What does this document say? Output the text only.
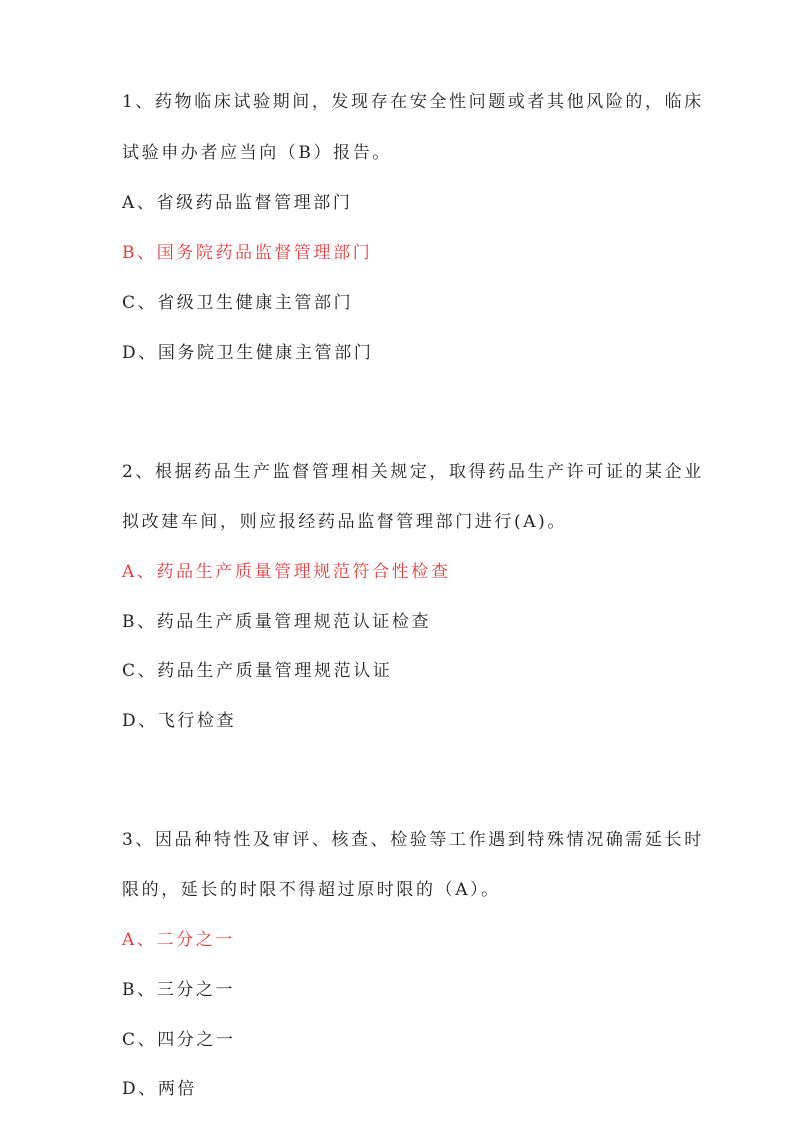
1、药物临床试验期间，发现存在安全性问题或者其他风险的，临床
试验申办者应当向（B）报告。
A、省级药品监督管理部门
B、国务院药品监督管理部门
C、省级卫生健康主管部门
D、国务院卫生健康主管部门
2、根据药品生产监督管理相关规定，取得药品生产许可证的某企业
拟改建车间，则应报经药品监督管理部门进行(A)。
A、药品生产质量管理规范符合性检查
B、药品生产质量管理规范认证检查
C、药品生产质量管理规范认证
D、飞行检查
3、因品种特性及审评、核查、检验等工作遇到特殊情况确需延长时
限的，延长的时限不得超过原时限的（A）。
A、二分之一
B、三分之一
C、四分之一
D、两倍
